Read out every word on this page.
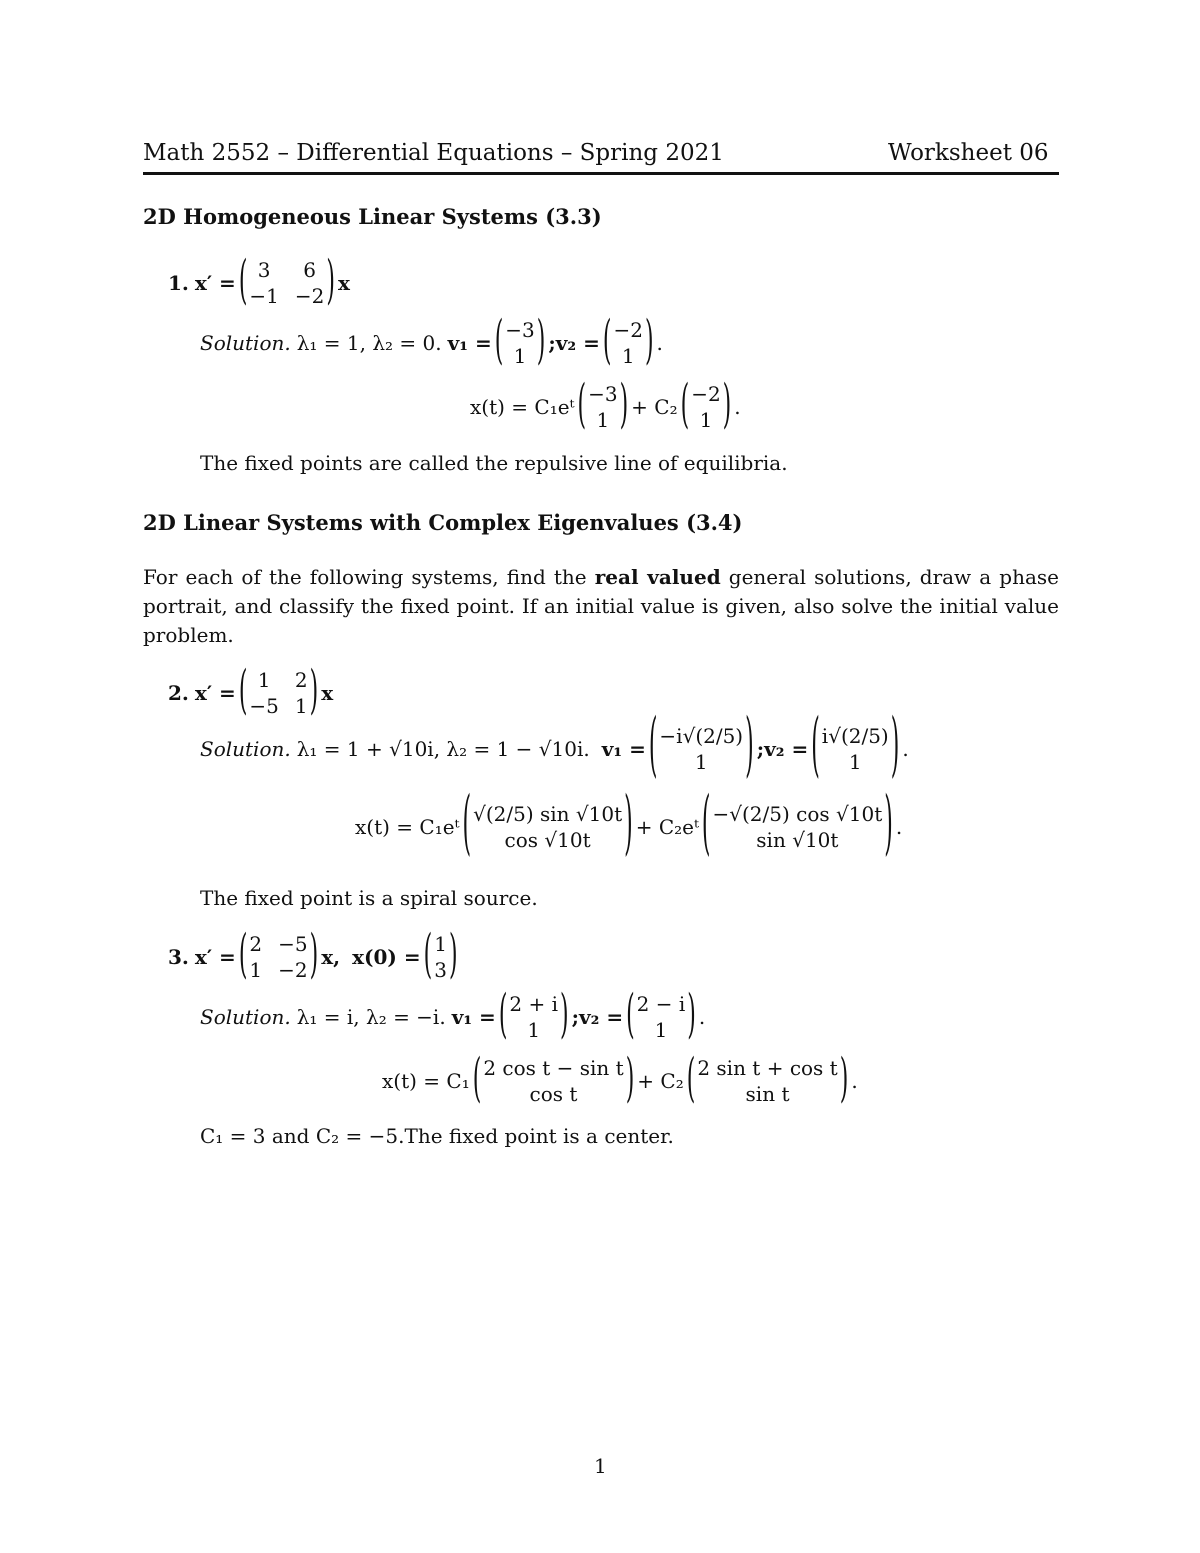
Math 2552 – Differential Equations – Spring 2021	Worksheet 06
2D Homogeneous Linear Systems (3.3)
1. x′ = ( 3	6
−1 −2 ) x
Solution. λ₁ = 1, λ₂ = 0. v₁ = ( −3
1 ) ;v₂ = ( −2
1 ) .
x(t) = C₁eᵗ ( −3
1 ) + C₂ ( −2
1 ) .
The fixed points are called the repulsive line of equilibria.
2D Linear Systems with Complex Eigenvalues (3.4)
For each of the following systems, find the real valued general solutions, draw a phase portrait, and classify the fixed point. If an initial value is given, also solve the initial value problem.
2. x′ = ( 1	2
−5 1 ) x
Solution. λ₁ = 1 + √10i, λ₂ = 1 − √10i. v₁ = ( −i√(2/5)
1	) ;v₂ = ( i√(2/5)
1	) .
x(t) = C₁eᵗ ( √(2/5) sin √10t
cos √10t	) + C₂eᵗ ( −√(2/5) cos √10t
sin √10t	) .
The fixed point is a spiral source.
3. x′ = ( 2 −5
1 −2 ) x, x(0) = ( 1
3 )
Solution. λ₁ = i, λ₂ = −i. v₁ = ( 2 + i
1 ) ;v₂ = ( 2 − i
1 ) .
x(t) = C₁ ( 2 cos t − sin t
cos t	) + C₂ ( 2 sin t + cos t
sin t	) .
C₁ = 3 and C₂ = −5.The fixed point is a center.
1
